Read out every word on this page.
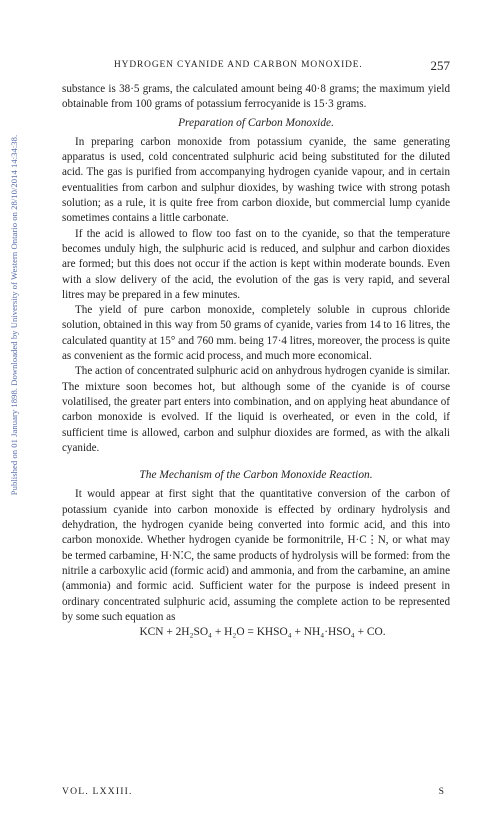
Published on 01 January 1898. Downloaded by University of Western Ontario on 28/10/2014 14:34:38.
HYDROGEN CYANIDE AND CARBON MONOXIDE.	257

substance is 38·5 grams, the calculated amount being 40·8 grams; the maximum yield obtainable from 100 grams of potassium ferrocyanide is 15·3 grams.

Preparation of Carbon Monoxide.

In preparing carbon monoxide from potassium cyanide, the same generating apparatus is used, cold concentrated sulphuric acid being substituted for the diluted acid. The gas is purified from accompanying hydrogen cyanide vapour, and in certain eventualities from carbon and sulphur dioxides, by washing twice with strong potash solution; as a rule, it is quite free from carbon dioxide, but commercial lump cyanide sometimes contains a little carbonate.

If the acid is allowed to flow too fast on to the cyanide, so that the temperature becomes unduly high, the sulphuric acid is reduced, and sulphur and carbon dioxides are formed; but this does not occur if the action is kept within moderate bounds. Even with a slow delivery of the acid, the evolution of the gas is very rapid, and several litres may be prepared in a few minutes.

The yield of pure carbon monoxide, completely soluble in cuprous chloride solution, obtained in this way from 50 grams of cyanide, varies from 14 to 16 litres, the calculated quantity at 15° and 760 mm. being 17·4 litres, moreover, the process is quite as convenient as the formic acid process, and much more economical.

The action of concentrated sulphuric acid on anhydrous hydrogen cyanide is similar. The mixture soon becomes hot, but although some of the cyanide is of course volatilised, the greater part enters into combination, and on applying heat abundance of carbon monoxide is evolved. If the liquid is overheated, or even in the cold, if sufficient time is allowed, carbon and sulphur dioxides are formed, as with the alkali cyanide.

The Mechanism of the Carbon Monoxide Reaction.

It would appear at first sight that the quantitative conversion of the carbon of potassium cyanide into carbon monoxide is effected by ordinary hydrolysis and dehydration, the hydrogen cyanide being converted into formic acid, and this into carbon monoxide. Whether hydrogen cyanide be formonitrile, H·C⋮N, or what may be termed carbamine, H·N⁚C, the same products of hydrolysis will be formed: from the nitrile a carboxylic acid (formic acid) and ammonia, and from the carbamine, an amine (ammonia) and formic acid. Sufficient water for the purpose is indeed present in ordinary concentrated sulphuric acid, assuming the complete action to be represented by some such equation as

KCN + 2H₂SO₄ + H₂O = KHSO₄ + NH₄·HSO₄ + CO.

VOL. LXXIII.	S
